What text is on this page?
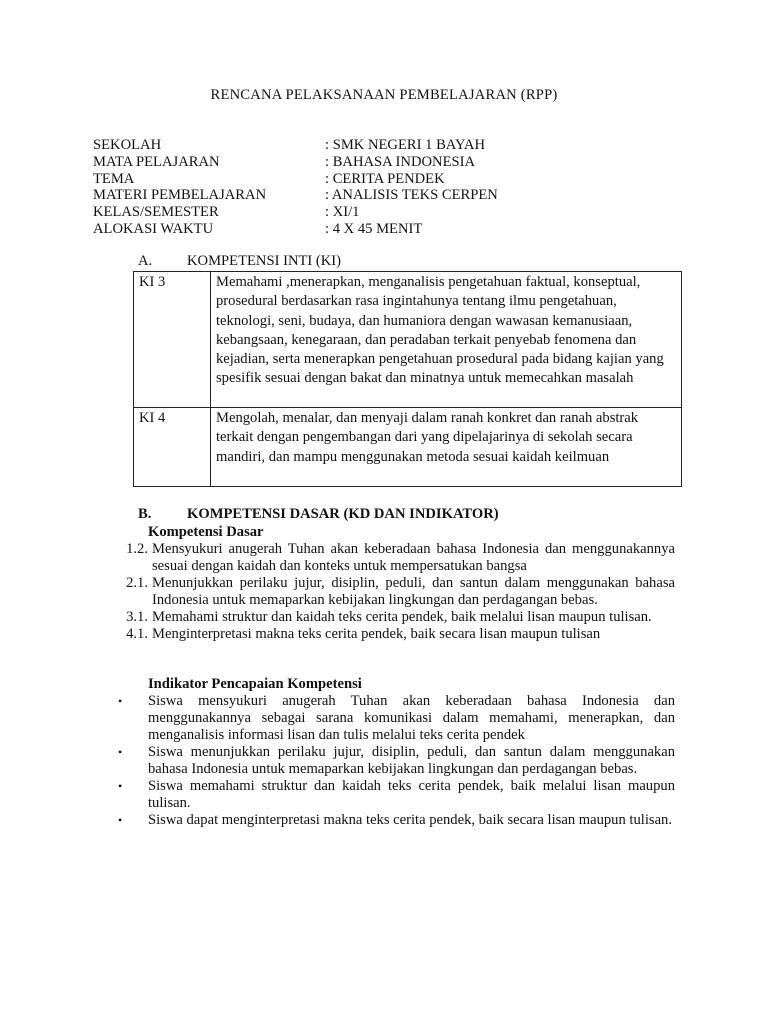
RENCANA PELAKSANAAN PEMBELAJARAN (RPP)
SEKOLAH	: SMK NEGERI 1 BAYAH
MATA PELAJARAN	: BAHASA INDONESIA
TEMA	: CERITA PENDEK
MATERI PEMBELAJARAN	: ANALISIS TEKS CERPEN
KELAS/SEMESTER	: XI/1
ALOKASI WAKTU	: 4 X 45 MENIT
A.	KOMPETENSI INTI (KI)
KI 3	Memahami ,menerapkan, menganalisis pengetahuan faktual, konseptual, prosedural berdasarkan rasa ingintahunya tentang ilmu pengetahuan, teknologi, seni, budaya, dan humaniora dengan wawasan kemanusiaan, kebangsaan, kenegaraan, dan peradaban terkait penyebab fenomena dan kejadian, serta menerapkan pengetahuan prosedural pada bidang kajian yang spesifik sesuai dengan bakat dan minatnya untuk memecahkan masalah
KI 4	Mengolah, menalar, dan menyaji dalam ranah konkret dan ranah abstrak terkait dengan pengembangan dari yang dipelajarinya di sekolah secara mandiri, dan mampu menggunakan metoda sesuai kaidah keilmuan
B.	KOMPETENSI DASAR (KD DAN INDIKATOR)
Kompetensi Dasar
1.2. Mensyukuri anugerah Tuhan akan keberadaan bahasa Indonesia dan menggunakannya sesuai dengan kaidah dan konteks untuk mempersatukan bangsa
2.1. Menunjukkan perilaku jujur, disiplin, peduli, dan santun dalam menggunakan bahasa Indonesia untuk memaparkan kebijakan lingkungan dan perdagangan bebas.
3.1. Memahami struktur dan kaidah teks cerita pendek, baik melalui lisan maupun tulisan.
4.1. Menginterpretasi makna teks cerita pendek, baik secara lisan maupun tulisan
Indikator Pencapaian Kompetensi
•	Siswa mensyukuri anugerah Tuhan akan keberadaan bahasa Indonesia dan menggunakannya sebagai sarana komunikasi dalam memahami, menerapkan, dan menganalisis informasi lisan dan tulis melalui teks cerita pendek
•	Siswa menunjukkan perilaku jujur, disiplin, peduli, dan santun dalam menggunakan bahasa Indonesia untuk memaparkan kebijakan lingkungan dan perdagangan bebas.
•	Siswa memahami struktur dan kaidah teks cerita pendek, baik melalui lisan maupun tulisan.
•	Siswa dapat menginterpretasi makna teks cerita pendek, baik secara lisan maupun tulisan.
